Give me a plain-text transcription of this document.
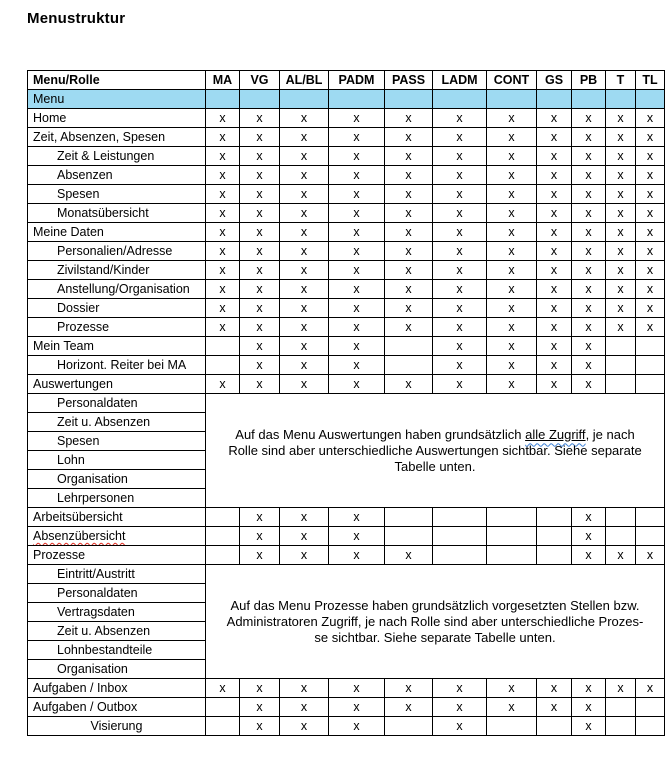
Menustruktur
Menu/Rolle	MA	VG	AL/BL	PADM	PASS	LADM	CONT	GS	PB	T	TL
Menu											
Home	x	x	x	x	x	x	x	x	x	x	x
Zeit, Absenzen, Spesen	x	x	x	x	x	x	x	x	x	x	x
Zeit & Leistungen	x	x	x	x	x	x	x	x	x	x	x
Absenzen	x	x	x	x	x	x	x	x	x	x	x
Spesen	x	x	x	x	x	x	x	x	x	x	x
Monatsübersicht	x	x	x	x	x	x	x	x	x	x	x
Meine Daten	x	x	x	x	x	x	x	x	x	x	x
Personalien/Adresse	x	x	x	x	x	x	x	x	x	x	x
Zivilstand/Kinder	x	x	x	x	x	x	x	x	x	x	x
Anstellung/Organisation	x	x	x	x	x	x	x	x	x	x	x
Dossier	x	x	x	x	x	x	x	x	x	x	x
Prozesse	x	x	x	x	x	x	x	x	x	x	x
Mein Team		x	x	x		x	x	x	x		
Horizont. Reiter bei MA		x	x	x		x	x	x	x		
Auswertungen	x	x	x	x	x	x	x	x	x		
Personaldaten	Auf das Menu Auswertungen haben grundsätzlich alle Zugriff, je nach
Rolle sind aber unterschiedliche Auswertungen sichtbar. Siehe separate
Tabelle unten.										

Zeit u. Absenzen											
Spesen											
Lohn											
Organisation											
Lehrpersonen											
Arbeitsübersicht		x	x	x					x		
Absenzübersicht		x	x	x					x		
Prozesse		x	x	x	x				x	x	x
Eintritt/Austritt	Auf das Menu Prozesse haben grundsätzlich vorgesetzten Stellen bzw.
Administratoren Zugriff, je nach Rolle sind aber unterschiedliche Prozes-
se sichtbar. Siehe separate Tabelle unten.										

Personaldaten											
Vertragsdaten											
Zeit u. Absenzen											
Lohnbestandteile											
Organisation											
Aufgaben / Inbox	x	x	x	x	x	x	x	x	x	x	x
Aufgaben / Outbox		x	x	x	x	x	x	x	x		
Visierung		x	x	x		x			x		
